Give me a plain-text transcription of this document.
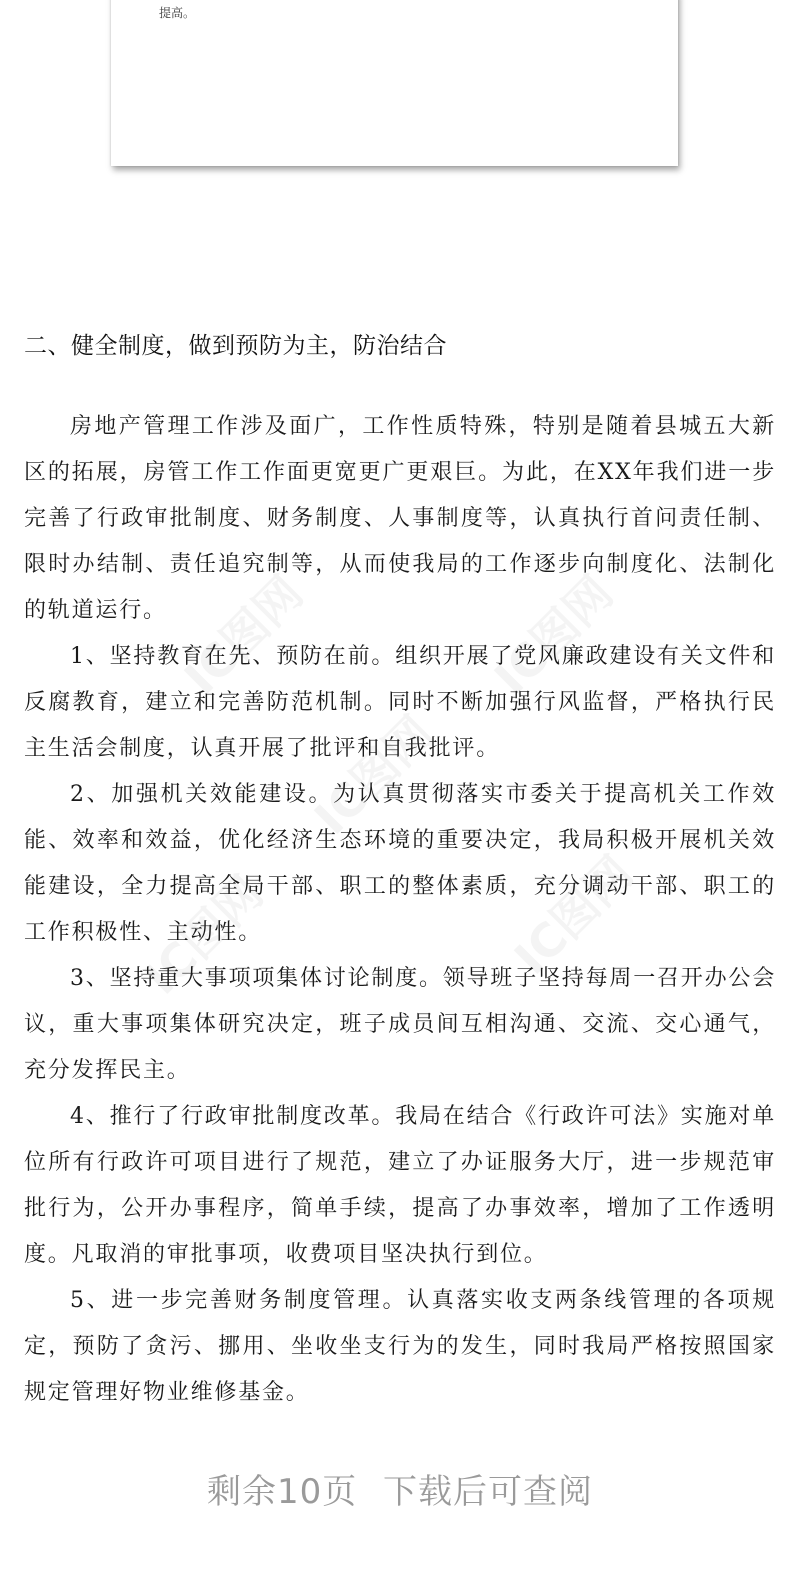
提高。
二、健全制度，做到预防为主，防治结合

房地产管理工作涉及面广，工作性质特殊，特别是随着县城五大新区的拓展，房管工作工作面更宽更广更艰巨。为此，在XX年我们进一步完善了行政审批制度、财务制度、人事制度等，认真执行首问责任制、限时办结制、责任追究制等，从而使我局的工作逐步向制度化、法制化的轨道运行。

1、坚持教育在先、预防在前。组织开展了党风廉政建设有关文件和反腐教育，建立和完善防范机制。同时不断加强行风监督，严格执行民主生活会制度，认真开展了批评和自我批评。

2、加强机关效能建设。为认真贯彻落实市委关于提高机关工作效能、效率和效益，优化经济生态环境的重要决定，我局积极开展机关效能建设，全力提高全局干部、职工的整体素质，充分调动干部、职工的工作积极性、主动性。

3、坚持重大事项项集体讨论制度。领导班子坚持每周一召开办公会议，重大事项集体研究决定，班子成员间互相沟通、交流、交心通气，充分发挥民主。

4、推行了行政审批制度改革。我局在结合《行政许可法》实施对单位所有行政许可项目进行了规范，建立了办证服务大厅，进一步规范审批行为，公开办事程序，简单手续，提高了办事效率，增加了工作透明度。凡取消的审批事项，收费项目坚决执行到位。

5、进一步完善财务制度管理。认真落实收支两条线管理的各项规定，预防了贪污、挪用、坐收坐支行为的发生，同时我局严格按照国家规定管理好物业维修基金。

剩余10页 下载后可查阅
